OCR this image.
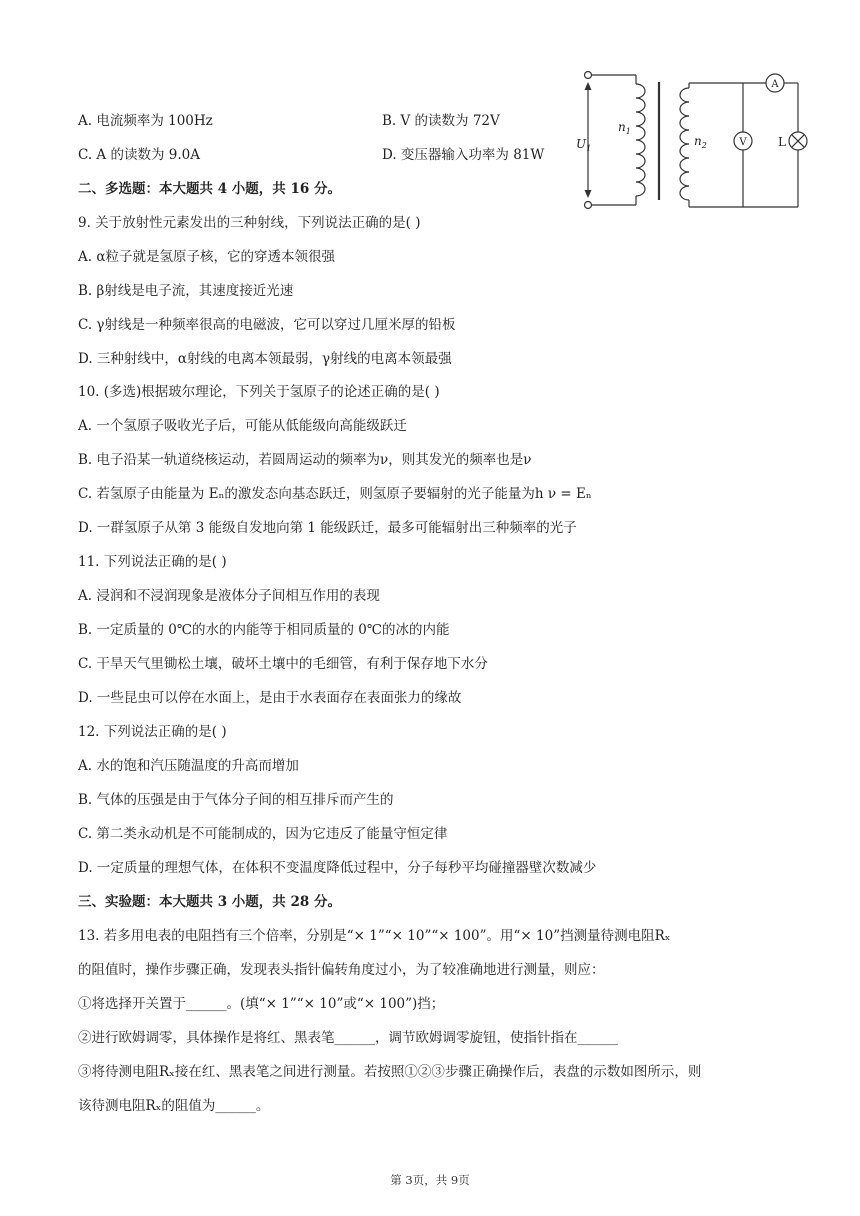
A. 电流频率为 100Hz	B. V 的读数为 72V
C. A 的读数为 9.0A	D. 变压器输入功率为 81W
二、多选题：本大题共 4 小题，共 16 分。
9. 关于放射性元素发出的三种射线，下列说法正确的是( )
A. α粒子就是氢原子核，它的穿透本领很强
B. β射线是电子流，其速度接近光速
C. γ射线是一种频率很高的电磁波，它可以穿过几厘米厚的铅板
D. 三种射线中，α射线的电离本领最弱，γ射线的电离本领最强
10. (多选)根据玻尔理论，下列关于氢原子的论述正确的是( )
A. 一个氢原子吸收光子后，可能从低能级向高能级跃迁
B. 电子沿某一轨道绕核运动，若圆周运动的频率为ν，则其发光的频率也是ν
C. 若氢原子由能量为 Eₙ的激发态向基态跃迁，则氢原子要辐射的光子能量为h ν = Eₙ
D. 一群氢原子从第 3 能级自发地向第 1 能级跃迁，最多可能辐射出三种频率的光子
11. 下列说法正确的是( )
A. 浸润和不浸润现象是液体分子间相互作用的表现
B. 一定质量的 0℃的水的内能等于相同质量的 0℃的冰的内能
C. 干旱天气里锄松土壤，破坏土壤中的毛细管，有利于保存地下水分
D. 一些昆虫可以停在水面上，是由于水表面存在表面张力的缘故
12. 下列说法正确的是( )
A. 水的饱和汽压随温度的升高而增加
B. 气体的压强是由于气体分子间的相互排斥而产生的
C. 第二类永动机是不可能制成的，因为它违反了能量守恒定律
D. 一定质量的理想气体，在体积不变温度降低过程中，分子每秒平均碰撞器壁次数减少
三、实验题：本大题共 3 小题，共 28 分。
13. 若多用电表的电阻挡有三个倍率，分别是“× 1”“× 10”“× 100”。用“× 10”挡测量待测电阻Rₓ
的阻值时，操作步骤正确，发现表头指针偏转角度过小，为了较准确地进行测量，则应：
①将选择开关置于______。(填“× 1”“× 10”或“× 100”)挡；
②进行欧姆调零，具体操作是将红、黑表笔______，调节欧姆调零旋钮，使指针指在______
③将待测电阻Rₓ接在红、黑表笔之间进行测量。若按照①②③步骤正确操作后，表盘的示数如图所示，则
该待测电阻Rₓ的阻值为______。
$U_1$
$n_1$
$n_2$
A
V	L
第 3页，共 9页
